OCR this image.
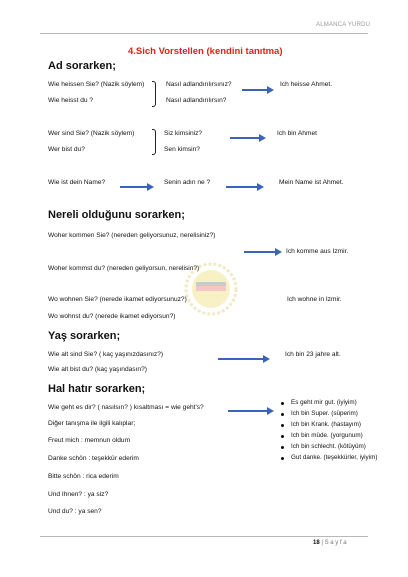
ALMANCA YURDU
4.Sich Vorstellen (kendini tanıtma)
Ad sorarken;
Wie heissen Sie? (Nazik söylem)	Nasıl adlandırılırsınız?	Ich heisse Ahmet.
Wie heisst du ?	Nasıl adlandırılırsın?
Wer sind Sie? (Nazik söylem)	Siz kimsiniz?	Ich bin Ahmet
Wer bist du?	Sen kimsin?
Wie ist dein Name?	Senin adın ne ?	Mein Name ist Ahmet.
Nereli olduğunu sorarken;
Woher kommen Sie? (nereden geliyorsunuz, nerelisiniz?)
Ich komme aus Izmir.
Woher kommst du? (nereden geliyorsun, nerelisin?)
Wo wohnen Sie? (nerede ikamet ediyorsunuz?)	Ich wohne in Izmir.
Wo wohnst du? (nerede ikamet ediyorsun?)
Yaş sorarken;
Wie alt sind Sie? ( kaç yaşınızdasınız?)	Ich bin 23 jahre alt.
Wie alt bist du? (kaç yaşındasın?)
Hal hatır sorarken;
Wie geht es dir? ( nasılsın? ) kısaltması = wie geht's?
Diğer tanışma ile ilgili kalıplar;
Freut mich : memnun oldum
Danke schön : teşekkür ederim
Bitte schön : rica ederim
Und Ihnen? : ya siz?
Und du? : ya sen?
Es geht mir gut. (iyiyim)
Ich bin Super. (süperim)
Ich bin Krank. (hastayım)
Ich bin müde. (yorgunum)
Ich bin schlecht. (kötüyüm)
Gut danke. (teşekkürler, iyiyim)
18 | S a y f a
